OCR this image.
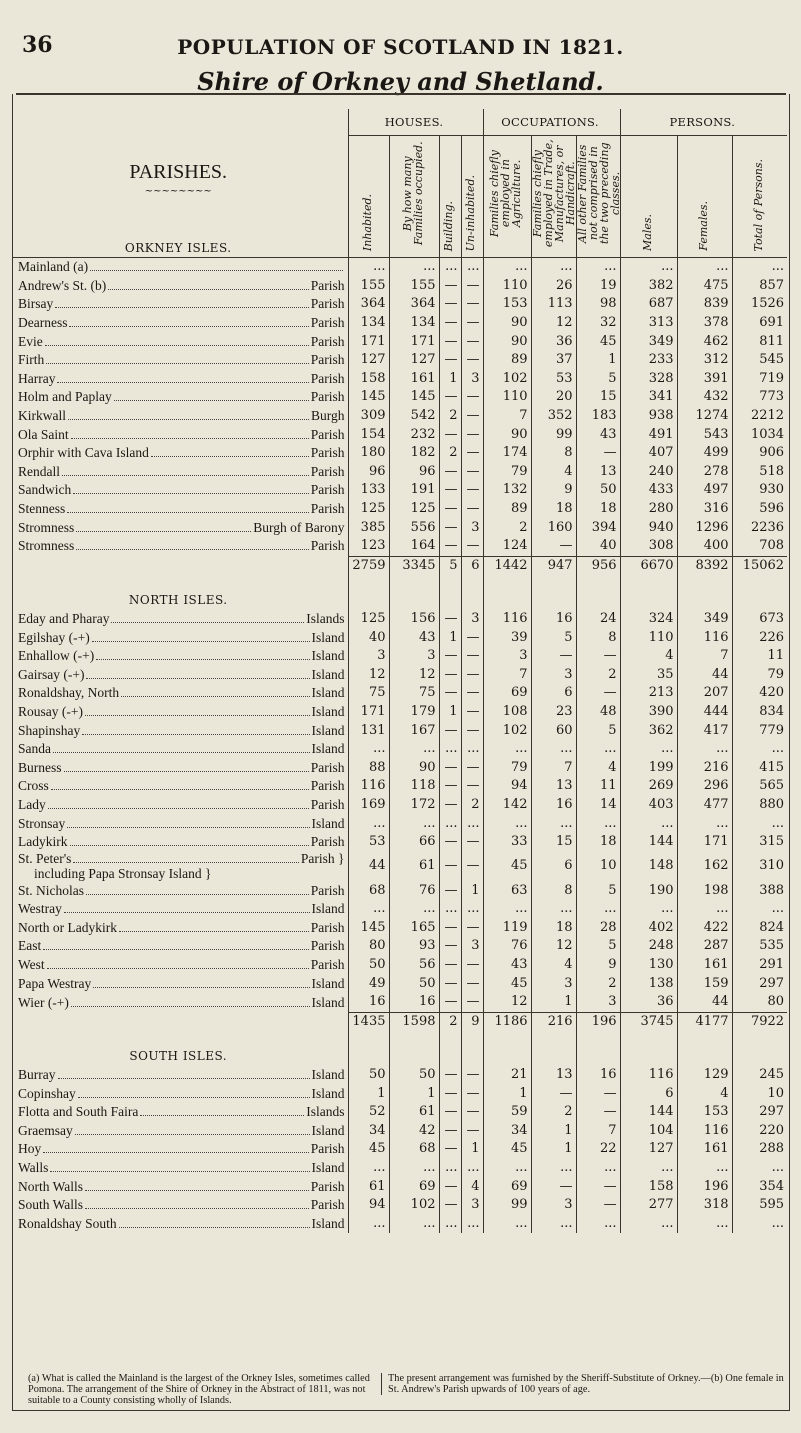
POPULATION OF SCOTLAND IN 1821.
36
Shire of Orkney and Shetland.
PARISHES.
~~~~~~~~
ORKNEY ISLES.	HOUSES.				OCCUPATIONS.			PERSONS.		

	Inhabited.	By how many Families occupied.	Building.	Un-inhabited.	Families chiefly employed in Agriculture.	Families chiefly employed in Trade, Manufactures, or Handicraft.	All other Families not comprised in the two preceding classes.	Males.	Females.	Total of Persons.

Mainland (a)	...	...	...	...	...	...	...	...	...	...

Andrew's St. (b) Parish	155	155	—	—	110	26	19	382	475	857

Birsay Parish	364	364	—	—	153	113	98	687	839	1526

Dearness Parish	134	134	—	—	90	12	32	313	378	691

Evie Parish	171	171	—	—	90	36	45	349	462	811

Firth Parish	127	127	—	—	89	37	1	233	312	545

Harray Parish	158	161	1	3	102	53	5	328	391	719

Holm and Paplay Parish	145	145	—	—	110	20	15	341	432	773

Kirkwall Burgh	309	542	2	—	7	352	183	938	1274	2212

Ola Saint Parish	154	232	—	—	90	99	43	491	543	1034

Orphir with Cava Island Parish	180	182	2	—	174	8	—	407	499	906

Rendall Parish	96	96	—	—	79	4	13	240	278	518

Sandwich Parish	133	191	—	—	132	9	50	433	497	930

Stenness Parish	125	125	—	—	89	18	18	280	316	596

Stromness Burgh of Barony	385	556	—	3	2	160	394	940	1296	2236

Stromness Parish	123	164	—	—	124	—	40	308	400	708
	2759	3345	5	6	1442	947	956	6670	8392	15062

NORTH ISLES.										

Eday and Pharay Islands	125	156	—	3	116	16	24	324	349	673

Egilshay (-+) Island	40	43	1	—	39	5	8	110	116	226

Enhallow (-+) Island	3	3	—	—	3	—	—	4	7	11

Gairsay (-+) Island	12	12	—	—	7	3	2	35	44	79

Ronaldshay, North Island	75	75	—	—	69	6	—	213	207	420

Rousay (-+) Island	171	179	1	—	108	23	48	390	444	834

Shapinshay Island	131	167	—	—	102	60	5	362	417	779

Sanda Island	...	...	...	...	...	...	...	...	...	...

Burness Parish	88	90	—	—	79	7	4	199	216	415

Cross Parish	116	118	—	—	94	13	11	269	296	565

Lady Parish	169	172	—	2	142	16	14	403	477	880

Stronsay Island	...	...	...	...	...	...	...	...	...	...

Ladykirk Parish	53	66	—	—	33	15	18	144	171	315

St. Peter's Parish }
including Papa Stronsay Island }	44	61	—	—	45	6	10	148	162	310

St. Nicholas Parish	68	76	—	1	63	8	5	190	198	388

Westray Island	...	...	...	...	...	...	...	...	...	...

North or Ladykirk Parish	145	165	—	—	119	18	28	402	422	824

East Parish	80	93	—	3	76	12	5	248	287	535

West Parish	50	56	—	—	43	4	9	130	161	291

Papa Westray Island	49	50	—	—	45	3	2	138	159	297

Wier (-+) Island	16	16	—	—	12	1	3	36	44	80
	1435	1598	2	9	1186	216	196	3745	4177	7922

SOUTH ISLES.										

Burray Island	50	50	—	—	21	13	16	116	129	245

Copinshay Island	1	1	—	—	1	—	—	6	4	10

Flotta and South Faira Islands	52	61	—	—	59	2	—	144	153	297

Graemsay Island	34	42	—	—	34	1	7	104	116	220

Hoy Parish	45	68	—	1	45	1	22	127	161	288

Walls Island	...	...	...	...	...	...	...	...	...	...

North Walls Parish	61	69	—	4	69	—	—	158	196	354

South Walls Parish	94	102	—	3	99	3	—	277	318	595

Ronaldshay South Island	...	...	...	...	...	...	...	...	...	...
(a) What is called the Mainland is the largest of the Orkney Isles, sometimes called Pomona. The arrangement of the Shire of Orkney in the Abstract of 1811, was not suitable to a County consisting wholly of Islands.
The present arrangement was furnished by the Sheriff-Substitute of Orkney.—(b) One female in St. Andrew's Parish upwards of 100 years of age.
